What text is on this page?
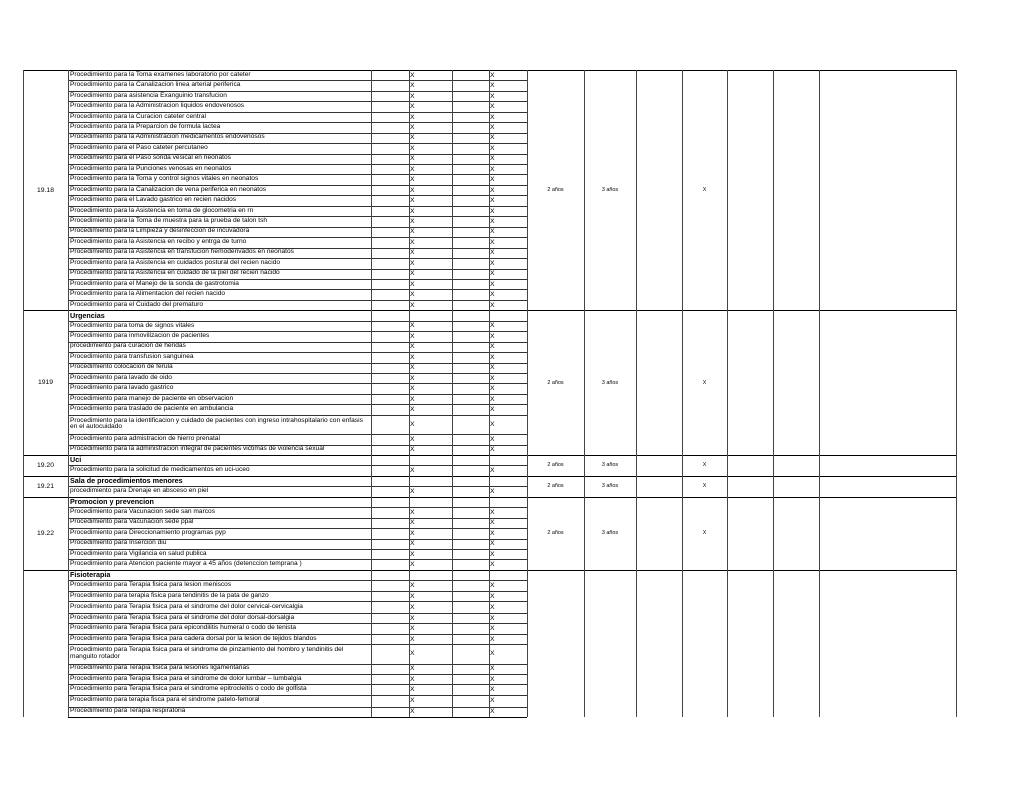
Procedimiento para la Toma examenes laboratorio por cateter	X	X
Procedimiento para la Canalizacion linea arterial periferica	X	X
Procedimiento para asistencia Exanguinio transfucion	X	X
Procedimiento para la Administracion liquidos endovenosos	X	X
Procedimiento para la Curacion cateter central	X	X
Procedimiento para la Preparcion de formula lactea	X	X
Procedimiento para la Administracion medicamentos endovenosos	X	X
Procedimiento para el Paso cateter percutaneo	X	X
Procedimiento para el Paso sonda vesical en neonatos	X	X
Procedimiento para la Punciones venosas en neonatos	X	X
Procedimiento para la Toma y control signos vitales en neonatos	X	X
Procedimiento para la Canalizacion de vena periferica en neonatos	X	X
Procedimiento para el Lavado gastrico en recien nacidos	X	X
Procedimiento para la Asistencia en toma de glocometria en rn	X	X
Procedimiento para la Toma de muestra para la prueba de talon tsh	X	X
Procedimiento para la Limpieza y desinfeccion de incuvadora	X	X
Procedimiento para la Asistencia en recibo y entrga de turno	X	X
Procedimiento para la Asistencia en transfucion hemoderivados en neonatos	X	X
Procedimiento para la Asistencia en cuidados postural del recien nacido	X	X
Procedimiento para la Asistencia en cuidado de la piel del recien nacido	X	X
Procedimiento para el Manejo de la sonda de gastrotomia	X	X
Procedimiento para la Alimentacion del recien nacido	X	X
Procedimiento para el Cuidado del prematuro	X	X
19.18	2 años	3 años	X
Urgencias
Procedimiento para toma de signos vitales	X	X
Procedimiento para inmovilizacion de pacientes	X	X
procedimiento para curacion de heridas	X	X
Procedimiento para transfusion sanguinea	X	X
Procedimiento colocacion de ferula	X	X
Procedimiento para lavado de oido	X	X
Procedimiento para lavado gastrico	X	X
Procedimiento para manejo de paciente en observacion	X	X
Procedimiento para traslado de paciente en ambulancia	X	X
Procedimiento para la identificacion y cuidado de pacientes con ingreso intrahospitalario con enfasis en el autocuidado	X	X
Procedimiento para admistracion de hierro prenatal	X	X
Procedimiento para la administracion integral de pacientes victimas de violencia sexual	X	X
1919	2 años	3 años	X
Uci
Procedimiento para la solicitud de medicamentos en uci-uceo	X	X
19.20	2 años	3 años	X
Sala de procedimientos menores
procedimiento para Drenaje en absceso en piel	X	X
19.21	2 años	3 años	X
Promocion y prevencion
Procedimiento para Vacunacion sede san marcos	X	X
Procedimiento para Vacunacion sede ppal	X	X
Procedimiento para Direccionamiento programas pyp	X	X
Procedimiento para Insercion diu	X	X
Procedimiento para Vigilancia en salud publica	X	X
Procedimiento para Atencion paciente mayor a 45 años (detenccion temprana )	X	X
19.22	2 años	3 años	X
Fisioterapia
Procedimiento para Terapia fisica para lesion meniscos	X	X
Procedimiento para terapia fisica para tendinitis de la pata de ganzo	X	X
Procedimiento para Terapia fisica para el sindrome del dolor cervical-cervicalgia	X	X
Procedimiento para Terapia fisica para el sindrome del dolor dorsal-dorsalgia	X	X
Procedimiento para Terapia fisica para epicondilitis humeral o codo de tenista	X	X
Procedimiento para Terapia fisica para cadera dorsal por la lesion de tejidos blandos	X	X
Procedimiento para Terapia fisica para el sindrome de pinzamiento del hombro y tendinitis del manguito rotador	X	X
Procedimiento para Terapia fisica para lesiones ligamentarias	X	X
Procedimiento para Terapia fisica para el sindrome de dolor lumbar – lumbalgia	X	X
Procedimiento para Terapia fisica para el sindrome epitrocleitis o codo de golfista	X	X
Procedimiento para terapia fisca para el sindrome patelo-femoral	X	X
Procedimiento para Terapia respiratoria	X	X
